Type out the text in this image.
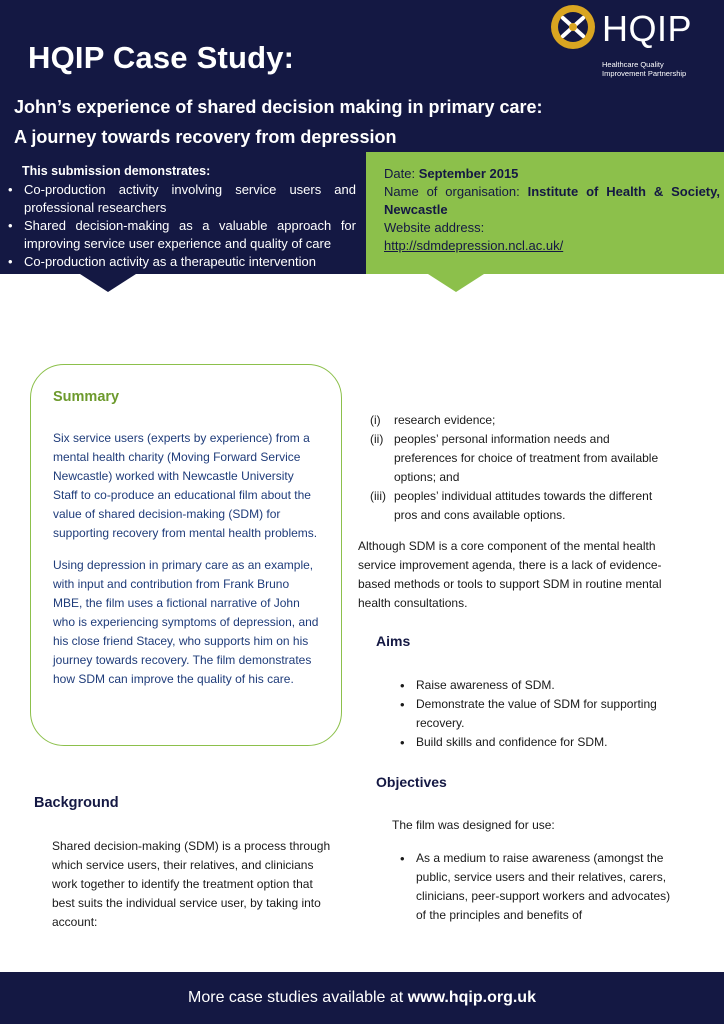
HQIP Case Study:
HQIP
Healthcare Quality
Improvement Partnership
John’s experience of shared decision making in primary care:
A journey towards recovery from depression
This submission demonstrates:
• Co-production activity involving service users and professional researchers
• Shared decision-making as a valuable approach for improving service user experience and quality of care
• Co-production activity as a therapeutic intervention
Date: September 2015
Name of organisation: Institute of Health & Society, Newcastle
Website address:
http://sdmdepression.ncl.ac.uk/
Summary

Six service users (experts by experience) from a mental health charity (Moving Forward Service Newcastle) worked with Newcastle University Staff to co-produce an educational film about the value of shared decision-making (SDM) for supporting recovery from mental health problems.

Using depression in primary care as an example, with input and contribution from Frank Bruno MBE, the film uses a fictional narrative of John who is experiencing symptoms of depression, and his close friend Stacey, who supports him on his journey towards recovery. The film demonstrates how SDM can improve the quality of his care.

Background
Shared decision-making (SDM) is a process through which service users, their relatives, and clinicians work together to identify the treatment option that best suits the individual service user, by taking into account:
(i) research evidence;
(ii) peoples’ personal information needs and preferences for choice of treatment from available options; and
(iii) peoples’ individual attitudes towards the different pros and cons available options.
Although SDM is a core component of the mental health service improvement agenda, there is a lack of evidence-based methods or tools to support SDM in routine mental health consultations.
Aims
• Raise awareness of SDM.
• Demonstrate the value of SDM for supporting recovery.
• Build skills and confidence for SDM.
Objectives
The film was designed for use:
• As a medium to raise awareness (amongst the public, service users and their relatives, carers, clinicians, peer-support workers and advocates) of the principles and benefits of
More case studies available at www.hqip.org.uk
